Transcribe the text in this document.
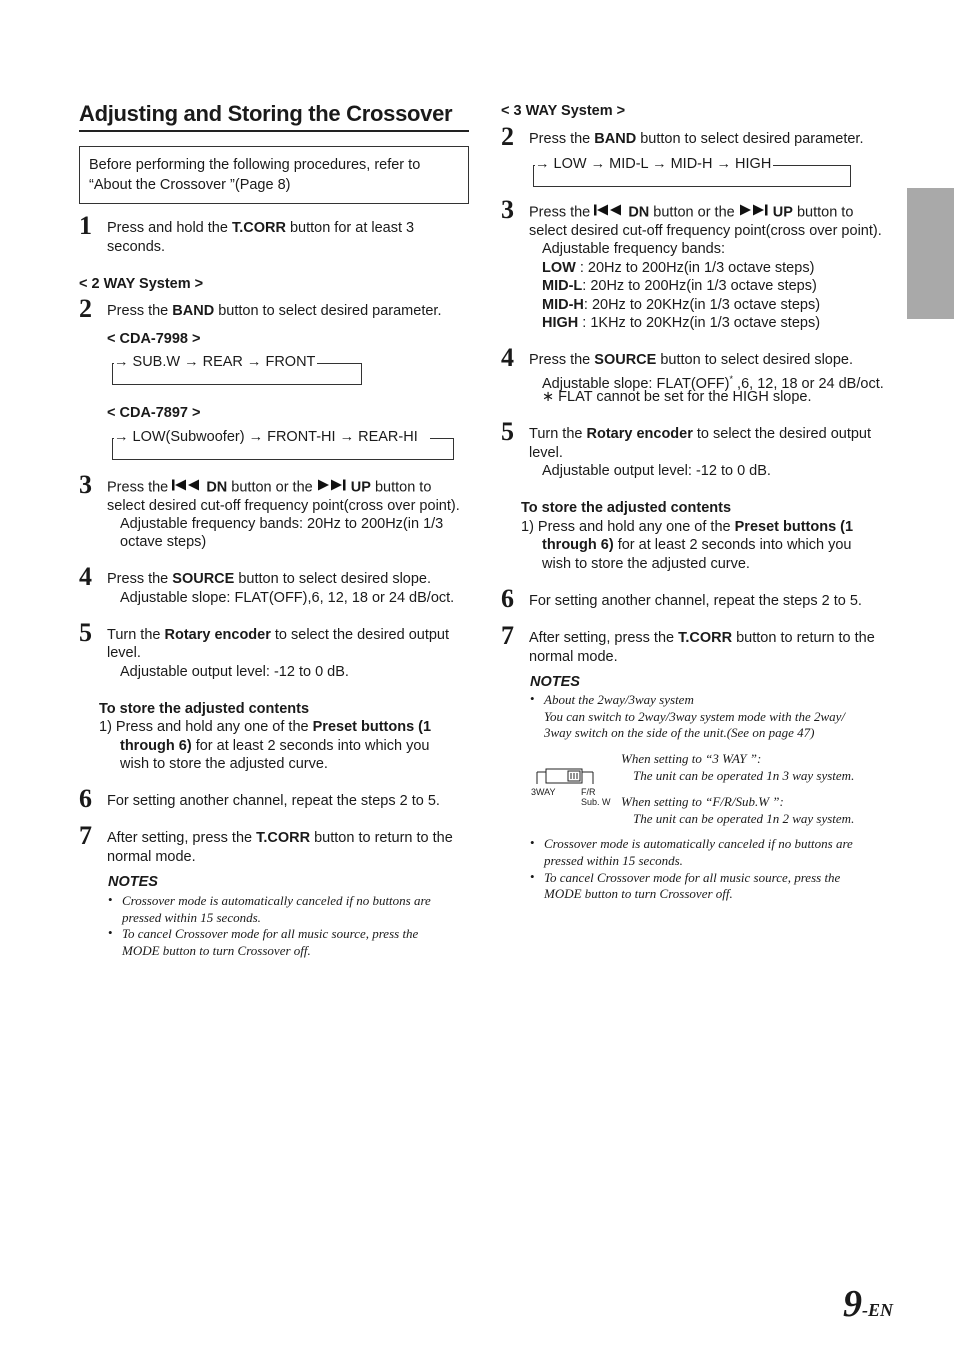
Adjusting and Storing the Crossover
Before performing the following procedures, refer to
“About the Crossover ”(Page 8)
1 Press and hold the T.CORR button for at least 3
seconds.
< 2 WAY System >
2 Press the BAND button to select desired parameter.
< CDA-7998 >
→ SUB.W → REAR → FRONT
< CDA-7897 >
→ LOW(Subwoofer) → FRONT-HI → REAR-HI
3 Press the  DN button or the  UP button to
select desired cut-off frequency point(cross over point).
Adjustable frequency bands: 20Hz to 200Hz(in 1/3
octave steps)
4 Press the SOURCE button to select desired slope.
Adjustable slope: FLAT(OFF),6, 12, 18 or 24 dB/oct.
5 Turn the Rotary encoder to select the desired output
level.
Adjustable output level: -12 to 0 dB.
To store the adjusted contents
1) Press and hold any one of the Preset buttons (1
through 6) for at least 2 seconds into which you
wish to store the adjusted curve.
6 For setting another channel, repeat the steps 2 to 5.
7 After setting, press the T.CORR button to return to the
normal mode.
NOTES
• Crossover mode is automatically canceled if no buttons are
pressed within 15 seconds.
• To cancel Crossover mode for all music source, press the
MODE button to turn Crossover off.
< 3 WAY System >
2 Press the BAND button to select desired parameter.
→ LOW → MID-L → MID-H → HIGH
3 Press the  DN button or the  UP button to
select desired cut-off frequency point(cross over point).
Adjustable frequency bands:
LOW : 20Hz to 200Hz(in 1/3 octave steps)
MID-L: 20Hz to 200Hz(in 1/3 octave steps)
MID-H: 20Hz to 20KHz(in 1/3 octave steps)
HIGH : 1KHz to 20KHz(in 1/3 octave steps)
4 Press the SOURCE button to select desired slope.
Adjustable slope: FLAT(OFF)* ,6, 12, 18 or 24 dB/oct.
∗ FLAT cannot be set for the HIGH slope.
5 Turn the Rotary encoder to select the desired output
level.
Adjustable output level: -12 to 0 dB.
To store the adjusted contents
1) Press and hold any one of the Preset buttons (1
through 6) for at least 2 seconds into which you
wish to store the adjusted curve.
6 For setting another channel, repeat the steps 2 to 5.
7 After setting, press the T.CORR button to return to the
normal mode.
NOTES
• About the 2way/3way system
You can switch to 2way/3way system mode with the 2way/
3way switch on the side of the unit.(See on page 47)
3WAY	F/R
Sub. W
When setting to “3 WAY ”:
The unit can be operated 1n 3 way system.
When setting to “F/R/Sub.W ”:
The unit can be operated 1n 2 way system.
• Crossover mode is automatically canceled if no buttons are
pressed within 15 seconds.
• To cancel Crossover mode for all music source, press the
MODE button to turn Crossover off.
9-EN
